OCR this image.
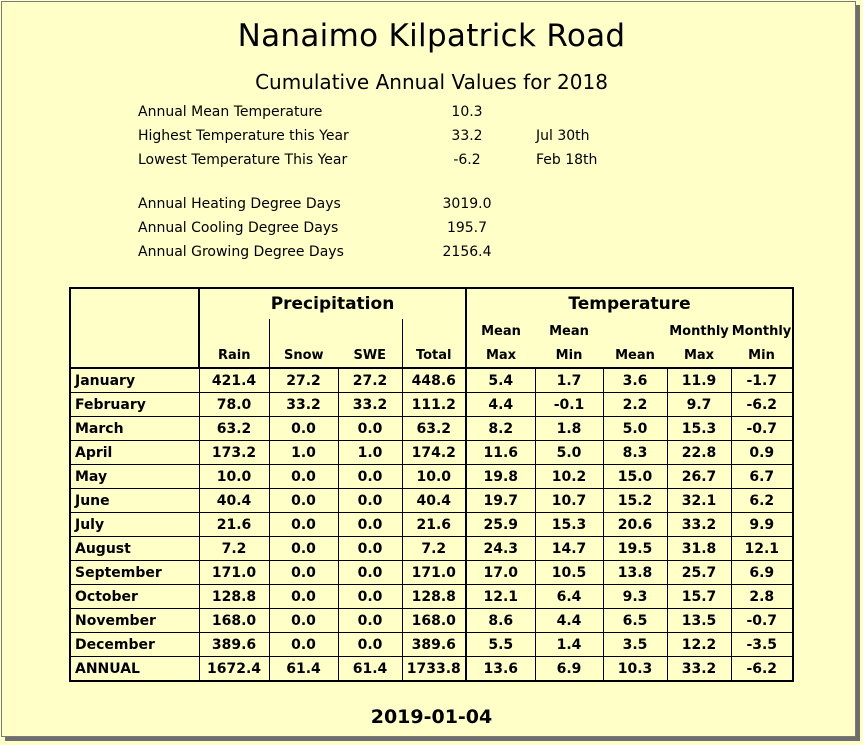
Nanaimo Kilpatrick Road
Cumulative Annual Values for 2018
Annual Mean Temperature	10.3
Highest Temperature this Year	33.2	Jul 30th
Lowest Temperature This Year	-6.2	Feb 18th
Annual Heating Degree Days	3019.0
Annual Cooling Degree Days	195.7
Annual Growing Degree Days	2156.4
	Precipitation				Temperature				
					Mean	Mean		Monthly	Monthly
	Rain	Snow	SWE	Total	Max	Min	Mean	Max	Min
January	421.4	27.2	27.2	448.6	5.4	1.7	3.6	11.9	-1.7
February	78.0	33.2	33.2	111.2	4.4	-0.1	2.2	9.7	-6.2
March	63.2	0.0	0.0	63.2	8.2	1.8	5.0	15.3	-0.7
April	173.2	1.0	1.0	174.2	11.6	5.0	8.3	22.8	0.9
May	10.0	0.0	0.0	10.0	19.8	10.2	15.0	26.7	6.7
June	40.4	0.0	0.0	40.4	19.7	10.7	15.2	32.1	6.2
July	21.6	0.0	0.0	21.6	25.9	15.3	20.6	33.2	9.9
August	7.2	0.0	0.0	7.2	24.3	14.7	19.5	31.8	12.1
September	171.0	0.0	0.0	171.0	17.0	10.5	13.8	25.7	6.9
October	128.8	0.0	0.0	128.8	12.1	6.4	9.3	15.7	2.8
November	168.0	0.0	0.0	168.0	8.6	4.4	6.5	13.5	-0.7
December	389.6	0.0	0.0	389.6	5.5	1.4	3.5	12.2	-3.5
ANNUAL	1672.4	61.4	61.4	1733.8	13.6	6.9	10.3	33.2	-6.2
2019-01-04
